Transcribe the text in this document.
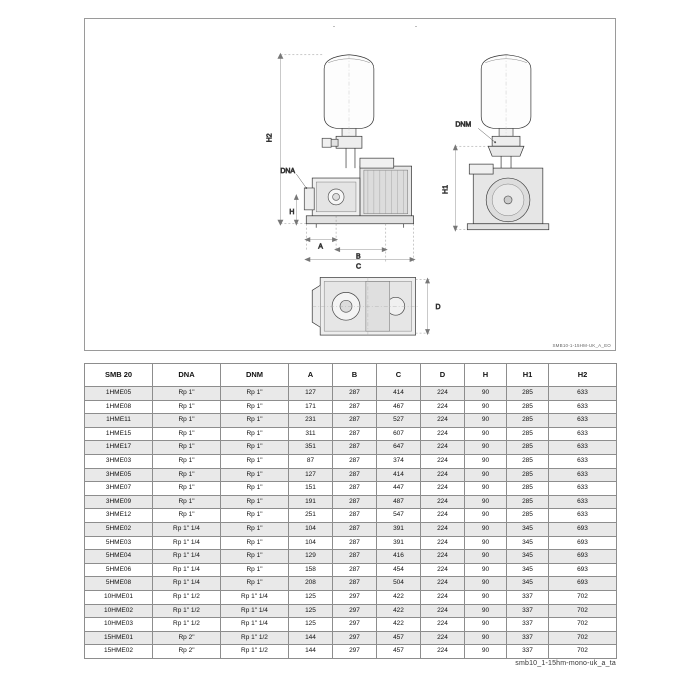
-	-
DNA
H2
H
A
B
C
DNM
H1
D
SMB10-1-15HM-UK_A_EO
SMB 20	DNA	DNM	A	B	C	D	H	H1	H2
1HME05	Rp 1"	Rp 1"	127	287	414	224	90	285	633
1HME08	Rp 1"	Rp 1"	171	287	467	224	90	285	633
1HME11	Rp 1"	Rp 1"	231	287	527	224	90	285	633
1HME15	Rp 1"	Rp 1"	311	287	607	224	90	285	633
1HME17	Rp 1"	Rp 1"	351	287	647	224	90	285	633
3HME03	Rp 1"	Rp 1"	87	287	374	224	90	285	633
3HME05	Rp 1"	Rp 1"	127	287	414	224	90	285	633
3HME07	Rp 1"	Rp 1"	151	287	447	224	90	285	633
3HME09	Rp 1"	Rp 1"	191	287	487	224	90	285	633
3HME12	Rp 1"	Rp 1"	251	287	547	224	90	285	633
5HME02	Rp 1" 1/4	Rp 1"	104	287	391	224	90	345	693
5HME03	Rp 1" 1/4	Rp 1"	104	287	391	224	90	345	693
5HME04	Rp 1" 1/4	Rp 1"	129	287	416	224	90	345	693
5HME06	Rp 1" 1/4	Rp 1"	158	287	454	224	90	345	693
5HME08	Rp 1" 1/4	Rp 1"	208	287	504	224	90	345	693
10HME01	Rp 1" 1/2	Rp 1" 1/4	125	297	422	224	90	337	702
10HME02	Rp 1" 1/2	Rp 1" 1/4	125	297	422	224	90	337	702
10HME03	Rp 1" 1/2	Rp 1" 1/4	125	297	422	224	90	337	702
15HME01	Rp 2"	Rp 1" 1/2	144	297	457	224	90	337	702
15HME02	Rp 2"	Rp 1" 1/2	144	297	457	224	90	337	702
smb10_1-15hm-mono-uk_a_ta
